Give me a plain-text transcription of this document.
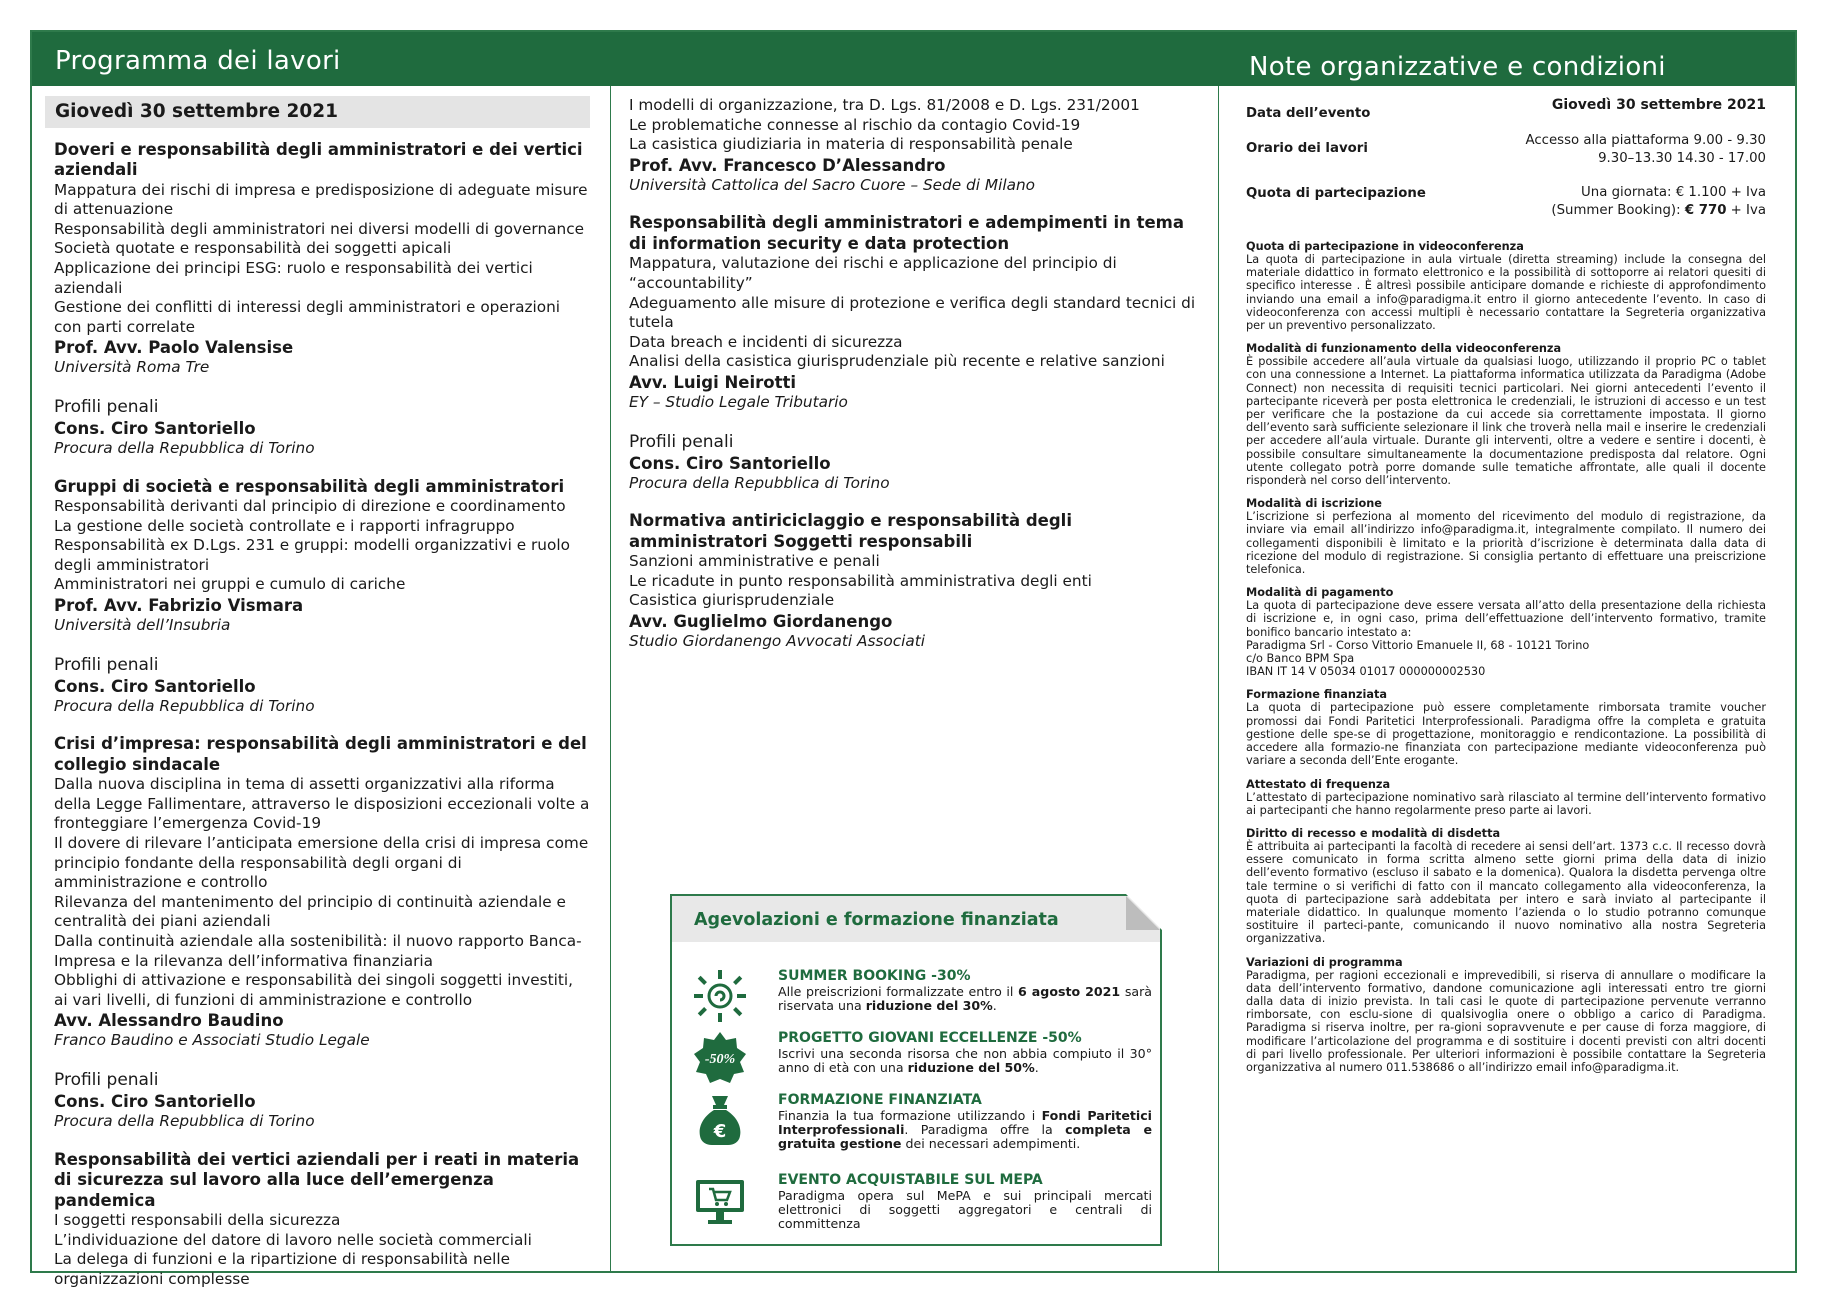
Programma dei lavori	Note organizzative e condizioni
Giovedì 30 settembre 2021
Doveri e responsabilità degli amministratori e dei vertici aziendali
Mappatura dei rischi di impresa e predisposizione di adeguate misure di attenuazione
Responsabilità degli amministratori nei diversi modelli di governance
Società quotate e responsabilità dei soggetti apicali
Applicazione dei principi ESG: ruolo e responsabilità dei vertici aziendali
Gestione dei conflitti di interessi degli amministratori e operazioni con parti correlate
Prof. Avv. Paolo Valensise
Università Roma Tre
Profili penali
Cons. Ciro Santoriello
Procura della Repubblica di Torino
Gruppi di società e responsabilità degli amministratori
Responsabilità derivanti dal principio di direzione e coordinamento
La gestione delle società controllate e i rapporti infragruppo
Responsabilità ex D.Lgs. 231 e gruppi: modelli organizzativi e ruolo degli amministratori
Amministratori nei gruppi e cumulo di cariche
Prof. Avv. Fabrizio Vismara
Università dell’Insubria
Profili penali
Cons. Ciro Santoriello
Procura della Repubblica di Torino
Crisi d’impresa: responsabilità degli amministratori e del collegio sindacale
Dalla nuova disciplina in tema di assetti organizzativi alla riforma della Legge Fallimentare, attraverso le disposizioni eccezionali volte a fronteggiare l’emergenza Covid-19
Il dovere di rilevare l’anticipata emersione della crisi di impresa come principio fondante della responsabilità degli organi di amministrazione e controllo
Rilevanza del mantenimento del principio di continuità aziendale e centralità dei piani aziendali
Dalla continuità aziendale alla sostenibilità: il nuovo rapporto Banca-Impresa e la rilevanza dell’informativa finanziaria
Obblighi di attivazione e responsabilità dei singoli soggetti investiti, ai vari livelli, di funzioni di amministrazione e controllo
Avv. Alessandro Baudino
Franco Baudino e Associati Studio Legale
Profili penali
Cons. Ciro Santoriello
Procura della Repubblica di Torino
Responsabilità dei vertici aziendali per i reati in materia di sicurezza sul lavoro alla luce dell’emergenza pandemica
I soggetti responsabili della sicurezza
L’individuazione del datore di lavoro nelle società commerciali
La delega di funzioni e la ripartizione di responsabilità nelle organizzazioni complesse
I modelli di organizzazione, tra D. Lgs. 81/2008 e D. Lgs. 231/2001
Le problematiche connesse al rischio da contagio Covid-19
La casistica giudiziaria in materia di responsabilità penale
Prof. Avv. Francesco D’Alessandro
Università Cattolica del Sacro Cuore – Sede di Milano
Responsabilità degli amministratori e adempimenti in tema di information security e data protection
Mappatura, valutazione dei rischi e applicazione del principio di “accountability”
Adeguamento alle misure di protezione e verifica degli standard tecnici di tutela
Data breach e incidenti di sicurezza
Analisi della casistica giurisprudenziale più recente e relative sanzioni
Avv. Luigi Neirotti
EY – Studio Legale Tributario
Profili penali
Cons. Ciro Santoriello
Procura della Repubblica di Torino
Normativa antiriciclaggio e responsabilità degli amministratori Soggetti responsabili
Sanzioni amministrative e penali
Le ricadute in punto responsabilità amministrativa degli enti
Casistica giurisprudenziale
Avv. Guglielmo Giordanengo
Studio Giordanengo Avvocati Associati
Agevolazioni e formazione finanziata
SUMMER BOOKING -30%
Alle preiscrizioni formalizzate entro il 6 agosto 2021 sarà riservata una riduzione del 30%.
-50%
PROGETTO GIOVANI ECCELLENZE -50%
Iscrivi una seconda risorsa che non abbia compiuto il 30° anno di età con una riduzione del 50%.
€
FORMAZIONE FINANZIATA
Finanzia la tua formazione utilizzando i Fondi Paritetici Interprofessionali. Paradigma offre la completa e gratuita gestione dei necessari adempimenti.
EVENTO ACQUISTABILE SUL MEPA
Paradigma opera sul MePA e sui principali mercati elettronici di soggetti aggregatori e centrali di committenza
Data dell’evento
Giovedì 30 settembre 2021
Orario dei lavori
Accesso alla piattaforma 9.00 - 9.30
9.30–13.30 14.30 - 17.00
Quota di partecipazione	Una giornata: € 1.100 + Iva
(Summer Booking): € 770 + Iva
Quota di partecipazione in videoconferenza
La quota di partecipazione in aula virtuale (diretta streaming) include la consegna del materiale didattico in formato elettronico e la possibilità di sottoporre ai relatori quesiti di specifico interesse . È altresì possibile anticipare domande e richieste di approfondimento inviando una email a info@paradigma.it entro il giorno antecedente l’evento. In caso di videoconferenza con accessi multipli è necessario contattare la Segreteria organizzativa per un preventivo personalizzato.
Modalità di funzionamento della videoconferenza
È possibile accedere all’aula virtuale da qualsiasi luogo, utilizzando il proprio PC o tablet con una connessione a Internet. La piattaforma informatica utilizzata da Paradigma (Adobe Connect) non necessita di requisiti tecnici particolari. Nei giorni antecedenti l’evento il partecipante riceverà per posta elettronica le credenziali, le istruzioni di accesso e un test per verificare che la postazione da cui accede sia correttamente impostata. Il giorno dell’evento sarà sufficiente selezionare il link che troverà nella mail e inserire le credenziali per accedere all’aula virtuale. Durante gli interventi, oltre a vedere e sentire i docenti, è possibile consultare simultaneamente la documentazione predisposta dal relatore. Ogni utente collegato potrà porre domande sulle tematiche affrontate, alle quali il docente risponderà nel corso dell’intervento.
Modalità di iscrizione
L’iscrizione si perfeziona al momento del ricevimento del modulo di registrazione, da inviare via email all’indirizzo info@paradigma.it, integralmente compilato. Il numero dei collegamenti disponibili è limitato e la priorità d’iscrizione è determinata dalla data di ricezione del modulo di registrazione. Si consiglia pertanto di effettuare una preiscrizione telefonica.
Modalità di pagamento
La quota di partecipazione deve essere versata all’atto della presentazione della richiesta di iscrizione e, in ogni caso, prima dell’effettuazione dell’intervento formativo, tramite bonifico bancario intestato a:
Paradigma Srl - Corso Vittorio Emanuele II, 68 - 10121 Torino
c/o Banco BPM Spa
IBAN IT 14 V 05034 01017 000000002530
Formazione finanziata
La quota di partecipazione può essere completamente rimborsata tramite voucher promossi dai Fondi Paritetici Interprofessionali. Paradigma offre la completa e gratuita gestione delle spe-se di progettazione, monitoraggio e rendicontazione. La possibilità di accedere alla formazio-ne finanziata con partecipazione mediante videoconferenza può variare a seconda dell’Ente erogante.
Attestato di frequenza
L’attestato di partecipazione nominativo sarà rilasciato al termine dell’intervento formativo ai partecipanti che hanno regolarmente preso parte ai lavori.
Diritto di recesso e modalità di disdetta
È attribuita ai partecipanti la facoltà di recedere ai sensi dell’art. 1373 c.c. Il recesso dovrà essere comunicato in forma scritta almeno sette giorni prima della data di inizio dell’evento formativo (escluso il sabato e la domenica). Qualora la disdetta pervenga oltre tale termine o si verifichi di fatto con il mancato collegamento alla videoconferenza, la quota di partecipazione sarà addebitata per intero e sarà inviato al partecipante il materiale didattico. In qualunque momento l’azienda o lo studio potranno comunque sostituire il parteci-pante, comunicando il nuovo nominativo alla nostra Segreteria organizzativa.
Variazioni di programma
Paradigma, per ragioni eccezionali e imprevedibili, si riserva di annullare o modificare la data dell’intervento formativo, dandone comunicazione agli interessati entro tre giorni dalla data di inizio prevista. In tali casi le quote di partecipazione pervenute verranno rimborsate, con esclu-sione di qualsivoglia onere o obbligo a carico di Paradigma. Paradigma si riserva inoltre, per ra-gioni sopravvenute e per cause di forza maggiore, di modificare l’articolazione del programma e di sostituire i docenti previsti con altri docenti di pari livello professionale. Per ulteriori informazioni è possibile contattare la Segreteria organizzativa al numero 011.538686 o all’indirizzo email info@paradigma.it.
